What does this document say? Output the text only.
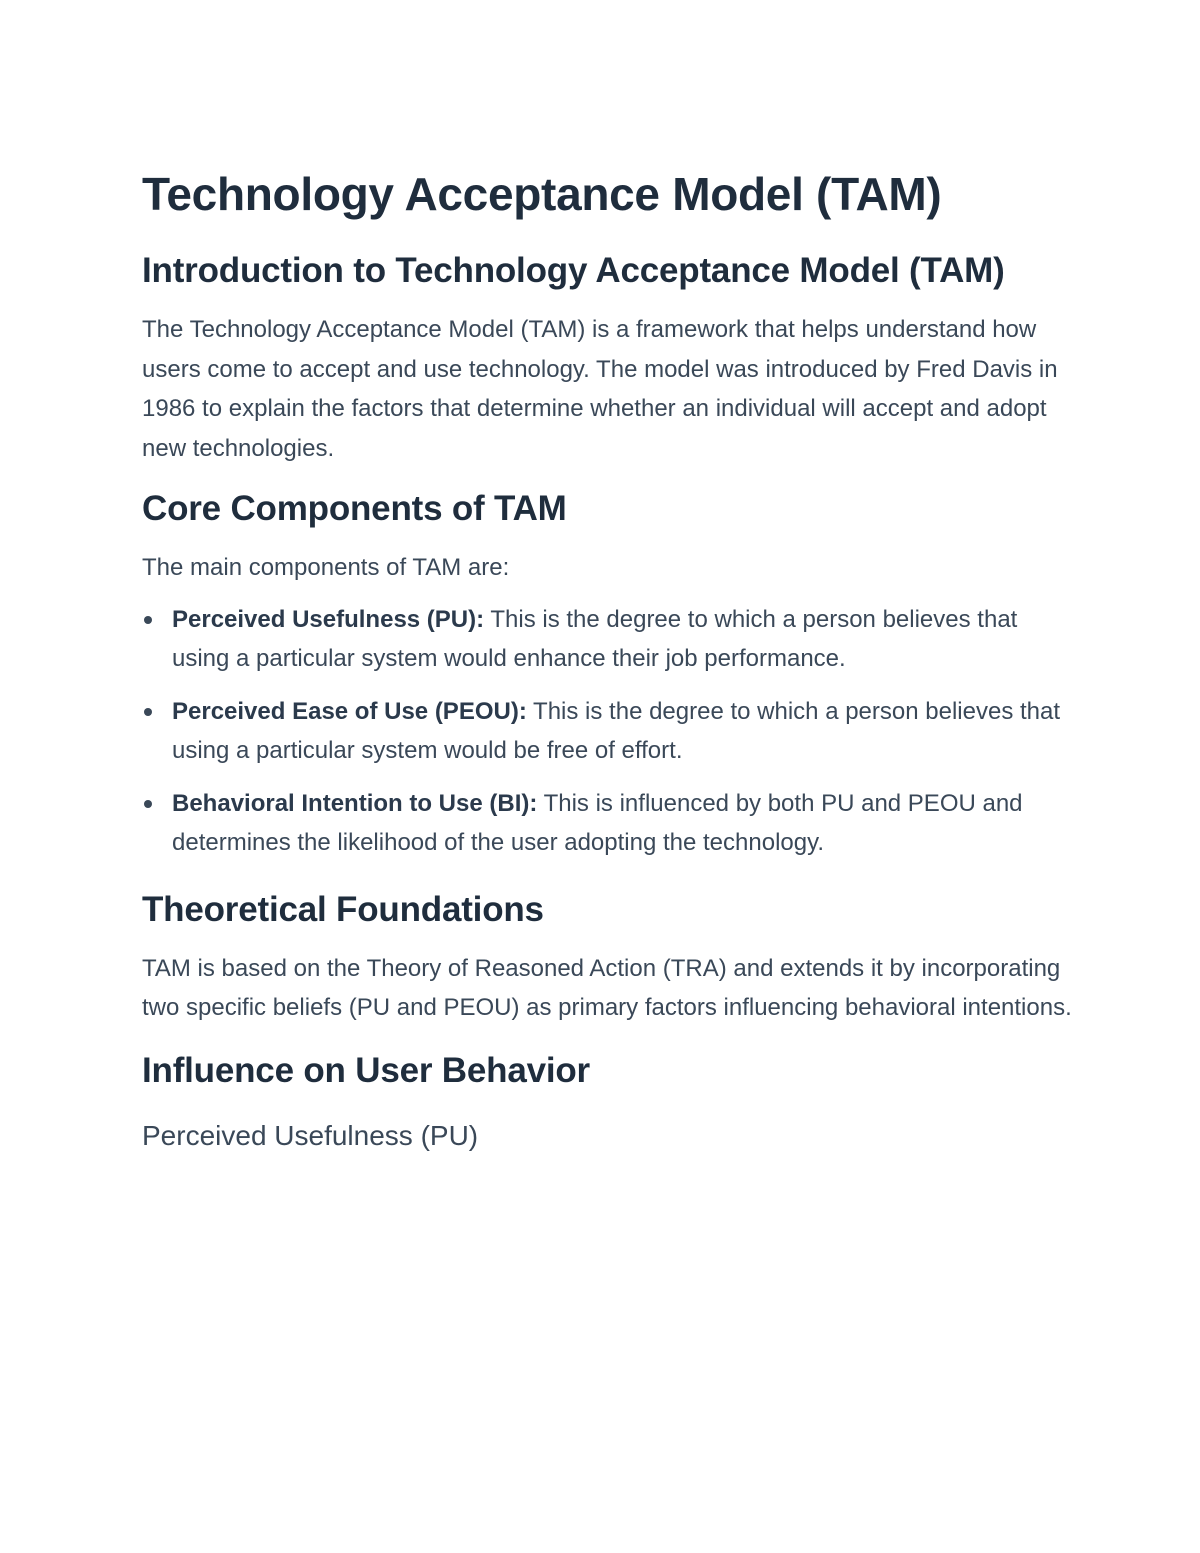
Technology Acceptance Model (TAM)
Introduction to Technology Acceptance Model (TAM)

The Technology Acceptance Model (TAM) is a framework that helps understand how users come to accept and use technology. The model was introduced by Fred Davis in 1986 to explain the factors that determine whether an individual will accept and adopt new technologies.

Core Components of TAM

The main components of TAM are:

Perceived Usefulness (PU): This is the degree to which a person believes that using a particular system would enhance their job performance.
Perceived Ease of Use (PEOU): This is the degree to which a person believes that using a particular system would be free of effort.
Behavioral Intention to Use (BI): This is influenced by both PU and PEOU and determines the likelihood of the user adopting the technology.
Theoretical Foundations

TAM is based on the Theory of Reasoned Action (TRA) and extends it by incorporating two specific beliefs (PU and PEOU) as primary factors influencing behavioral intentions.

Influence on User Behavior
Perceived Usefulness (PU)
